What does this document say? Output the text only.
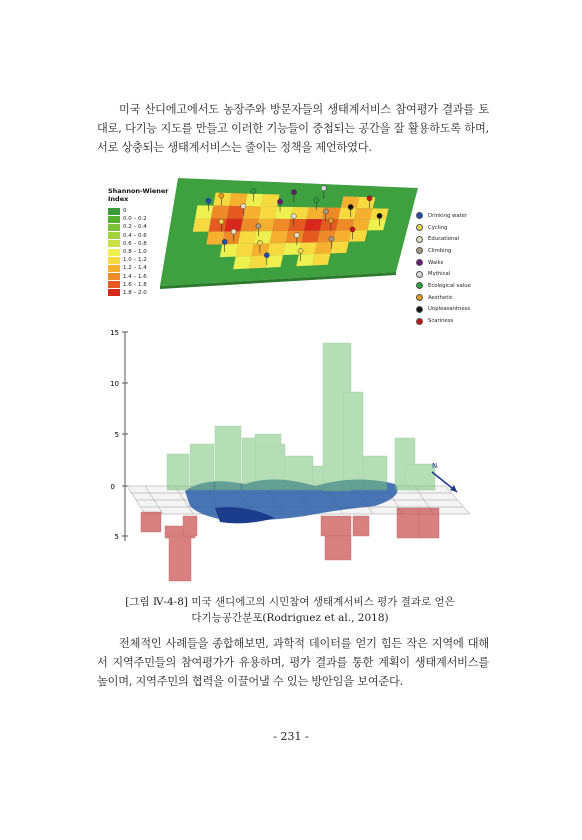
미국 산디에고에서도 농장주와 방문자들의 생태계서비스 참여평가 결과를 토대로, 다기능 지도를 만들고 이러한 기능들이 중첩되는 공간을 잘 활용하도록 하며, 서로 상충되는 생태계서비스는 줄이는 정책을 제언하였다.
Shannon-Wiener
Index
0
0.0 – 0.2
0.2 – 0.4
0.4 – 0.6
0.6 – 0.8
0.8 – 1.0
1.0 – 1.2
1.2 – 1.4
1.4 – 1.6
1.6 – 1.8
1.8 – 2.0
Drinking water
Cycling
Educational
Climbing
Walks
Mythical
Ecological value
Aesthetic
Unpleasantness
Scariness
15
10
5
0
5
N
[그림 Ⅳ-4-8] 미국 샌디에고의 시민참여 생태계서비스 평가 결과로 얻은
다기능공간분포(Rodriguez et al., 2018)
전체적인 사례들을 종합해보면, 과학적 데이터를 얻기 힘든 작은 지역에 대해서 지역주민들의 참여평가가 유용하며, 평가 결과를 통한 계획이 생태계서비스를 높이며, 지역주민의 협력을 이끌어낼 수 있는 방안임을 보여준다.
- 231 -
